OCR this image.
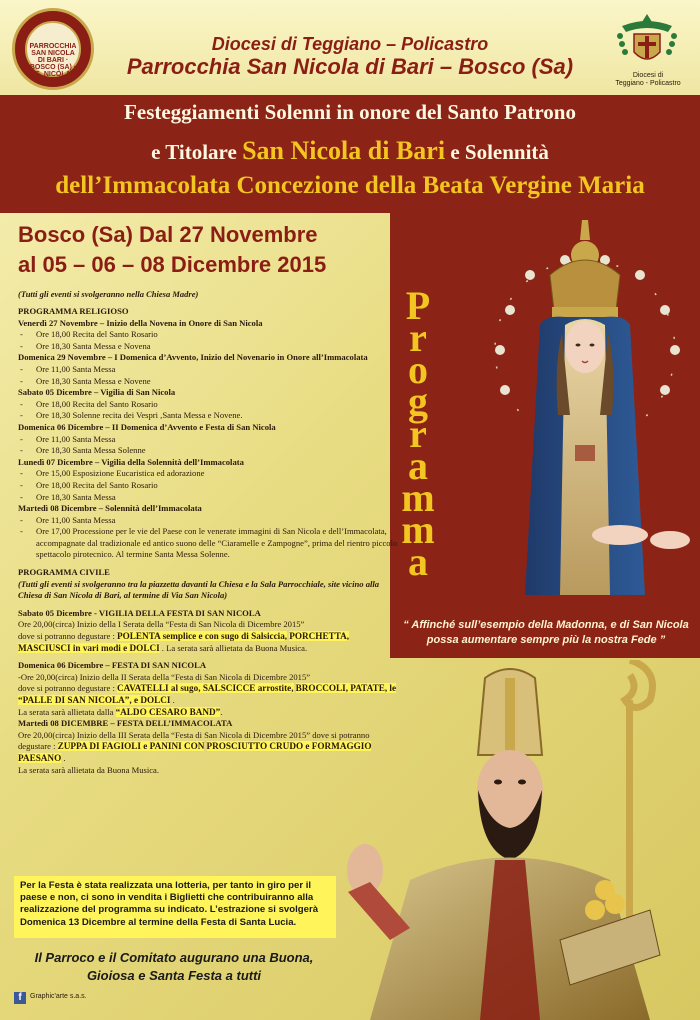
PARROCCHIA SAN NICOLA DI BARI · BOSCO (SA) · S. NICOLA	Diocesi di
Teggiano - Policastro
Diocesi di Teggiano – Policastro
Parrocchia San Nicola di Bari – Bosco (Sa)
Festeggiamenti Solenni in onore del Santo Patrono
e Titolare San Nicola di Bari e Solennità
dell’Immacolata Concezione della Beata Vergine Maria
P
r
o
g
r
a
m
m
a
“ Affinché sull’esempio della Madonna, e di San Nicola possa aumentare sempre più la nostra Fede ”
Bosco (Sa) Dal 27 Novembre
al 05 – 06 – 08 Dicembre 2015
(Tutti gli eventi si svolgeranno nella Chiesa Madre)
PROGRAMMA RELIGIOSO
Venerdì 27 Novembre – Inizio della Novena in Onore di San Nicola
- Ore 18,00 Recita del Santo Rosario
- Ore 18,30 Santa Messa e Novena
Domenica 29 Novembre – I Domenica d’Avvento, Inizio del Novenario in Onore all’Immacolata
- Ore 11,00 Santa Messa
- Ore 18,30 Santa Messa e Novene
Sabato 05 Dicembre – Vigilia di San Nicola
- Ore 18,00 Recita del Santo Rosario
- Ore 18,30 Solenne recita dei Vespri ,Santa Messa e Novene.
Domenica 06 Dicembre – II Domenica d’Avvento e Festa di San Nicola
- Ore 11,00 Santa Messa
- Ore 18,30 Santa Messa Solenne
Lunedì 07 Dicembre – Vigilia della Solennità dell’Immacolata
- Ore 15,00 Esposizione Eucaristica ed adorazione
- Ore 18,00 Recita del Santo Rosario
- Ore 18,30 Santa Messa
Martedì 08 Dicembre – Solennità dell’Immacolata
- Ore 11,00 Santa Messa
- Ore 17,00 Processione per le vie del Paese con le venerate immagini di San Nicola e dell’Immacolata, accompagnate dal tradizionale ed antico suono delle “Ciaramelle e Zampogne”, prima del rientro piccolo spettacolo pirotecnico. Al termine Santa Messa Solenne.
PROGRAMMA CIVILE
(Tutti gli eventi si svolgeranno tra la piazzetta davanti la Chiesa e la Sala Parrocchiale, site vicino alla Chiesa di San Nicola di Bari, al termine di Via San Nicola)
Sabato 05 Dicembre - VIGILIA DELLA FESTA DI SAN NICOLA
Ore 20,00(circa) Inizio della I Serata della “Festa di San Nicola di Dicembre 2015”
dove si potranno degustare : POLENTA semplice e con sugo di Salsiccia, PORCHETTA, MASCIUSCI in vari modi e DOLCI . La serata sarà allietata da Buona Musica.
Domenica 06 Dicembre – FESTA DI SAN NICOLA
-Ore 20,00(circa) Inizio della II Serata della “Festa di San Nicola di Dicembre 2015”
dove si potranno degustare : CAVATELLI al sugo, SALSCICCE arrostite, BROCCOLI, PATATE, le “PALLE DI SAN NICOLA”, e DOLCI .
La serata sarà allietata dalla “ALDO CESARO BAND”.
Martedì 08 DICEMBRE – FESTA DELL’IMMACOLATA
Ore 20,00(circa) Inizio della III Serata della “Festa di San Nicola di Dicembre 2015” dove si potranno degustare : ZUPPA DI FAGIOLI e PANINI CON PROSCIUTTO CRUDO e FORMAGGIO PAESANO .
La serata sarà allietata da Buona Musica.
Per la Festa è stata realizzata una lotteria, per tanto in giro per il paese e non, ci sono in vendita i Biglietti che contribuiranno alla realizzazione del programma su indicato. L’estrazione si svolgerà Domenica 13 Dicembre al termine della Festa di Santa Lucia.
Il Parroco e il Comitato augurano una Buona,
Gioiosa e Santa Festa a tutti
f	Graphic'arte s.a.s.
